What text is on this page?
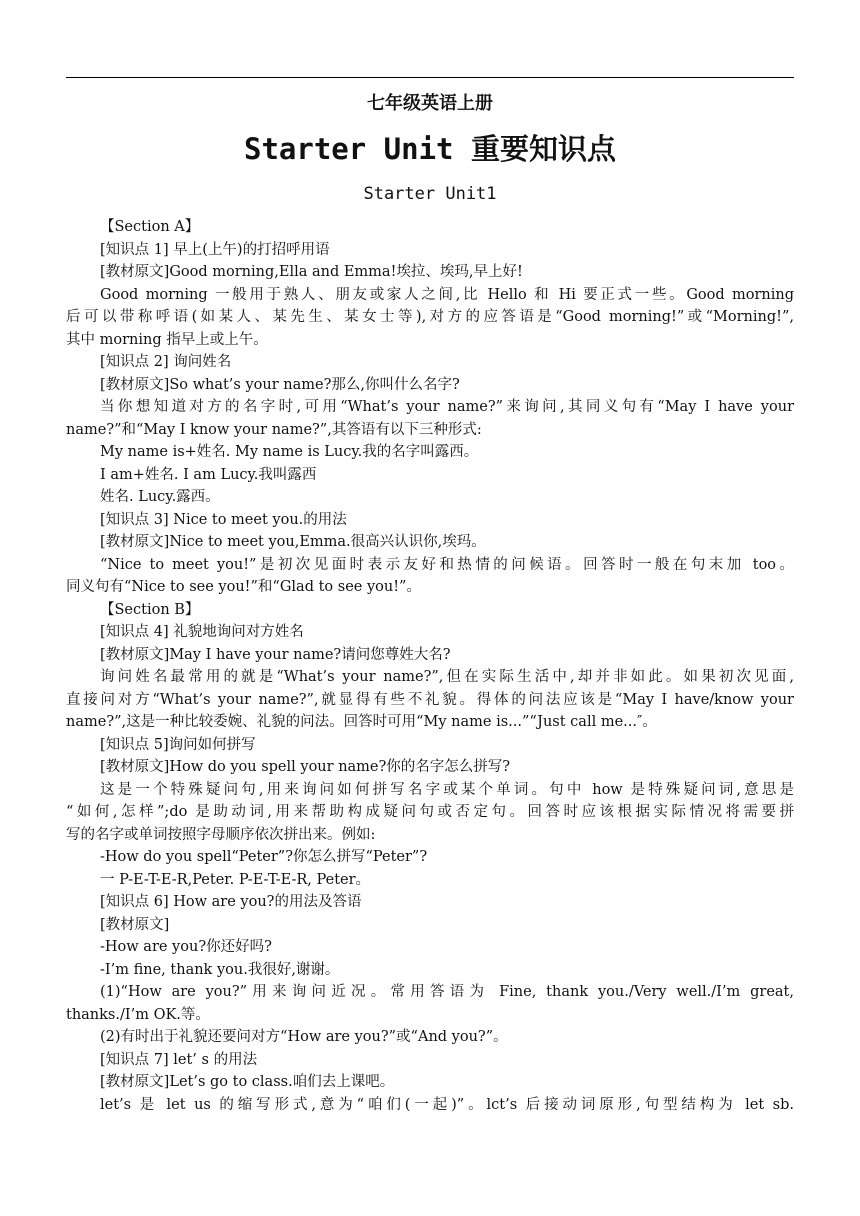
七年级英语上册
Starter Unit 重要知识点
Starter Unit1
【Section A】
[知识点 1] 早上(上午)的打招呼用语
[教材原文]Good morning,Ella and Emma!埃拉、埃玛,早上好!
Good morning 一般用于熟人、朋友或家人之间,比 Hello 和 Hi 要正式一些。Good morning
后可以带称呼语(如某人、某先生、某女士等),对方的应答语是“Good morning!”或“Morning!”,
其中 morning 指早上或上午。
[知识点 2] 询问姓名
[教材原文]So what’s your name?那么,你叫什么名字?
当你想知道对方的名字时,可用“What’s your name?”来询问,其同义句有“May I have your
name?”和“May I know your name?”,其答语有以下三种形式:
My name is+姓名. My name is Lucy.我的名字叫露西。
I am+姓名. I am Lucy.我叫露西
姓名. Lucy.露西。
[知识点 3] Nice to meet you.的用法
[教材原文]Nice to meet you,Emma.很高兴认识你,埃玛。
“Nice to meet you!”是初次见面时表示友好和热情的问候语。回答时一般在句末加 too。
同义句有“Nice to see you!”和“Glad to see you!”。
【Section B】
[知识点 4] 礼貌地询问对方姓名
[教材原文]May I have your name?请问您尊姓大名?
询问姓名最常用的就是“What’s your name?”,但在实际生活中,却并非如此。如果初次见面,
直接问对方“What’s your name?”,就显得有些不礼貌。得体的问法应该是“May I have/know your
name?”,这是一种比较委婉、礼貌的问法。回答时可用“My name is...”“Just call me...″。
[知识点 5]询问如何拼写
[教材原文]How do you spell your name?你的名字怎么拼写?
这是一个特殊疑问句,用来询问如何拼写名字或某个单词。句中 how 是特殊疑问词,意思是
“如何,怎样”;do 是助动词,用来帮助构成疑问句或否定句。回答时应该根据实际情况将需要拼
写的名字或单词按照字母顺序依次拼出来。例如:
-How do you spell“Peter”?你怎么拼写“Peter”?
一 P-E-T-E-R,Peter. P-E-T-E-R, Peter。
[知识点 6] How are you?的用法及答语
[教材原文]
-How are you?你还好吗?
-I’m fine, thank you.我很好,谢谢。
(1)“How are you?”用来询问近况。常用答语为 Fine, thank you./Very well./I’m great,
thanks./I’m OK.等。
(2)有时出于礼貌还要问对方“How are you?”或“And you?”。
[知识点 7] let’ s 的用法
[教材原文]Let’s go to class.咱们去上课吧。
let’s 是 let us 的缩写形式,意为“咱们(一起)”。lct’s 后接动词原形,句型结构为 let sb.
